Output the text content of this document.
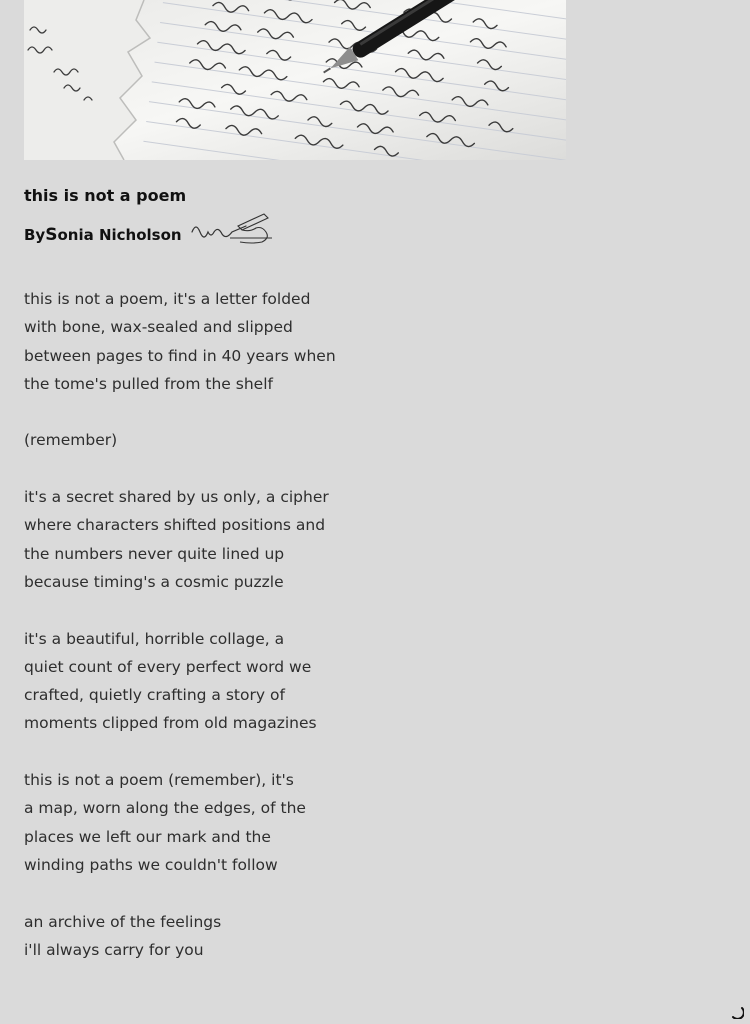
this is not a poem
By S onia Nicholson

this is not a poem, it's a letter folded
with bone, wax-sealed and slipped
between pages to find in 40 years when
the tome's pulled from the shelf

(remember)

it's a secret shared by us only, a cipher
where characters shifted positions and
the numbers never quite lined up
because timing's a cosmic puzzle

it's a beautiful, horrible collage, a
quiet count of every perfect word we
crafted, quietly crafting a story of
moments clipped from old magazines

this is not a poem (remember), it's
a map, worn along the edges, of the
places we left our mark and the
winding paths we couldn't follow

an archive of the feelings
i'll always carry for you
